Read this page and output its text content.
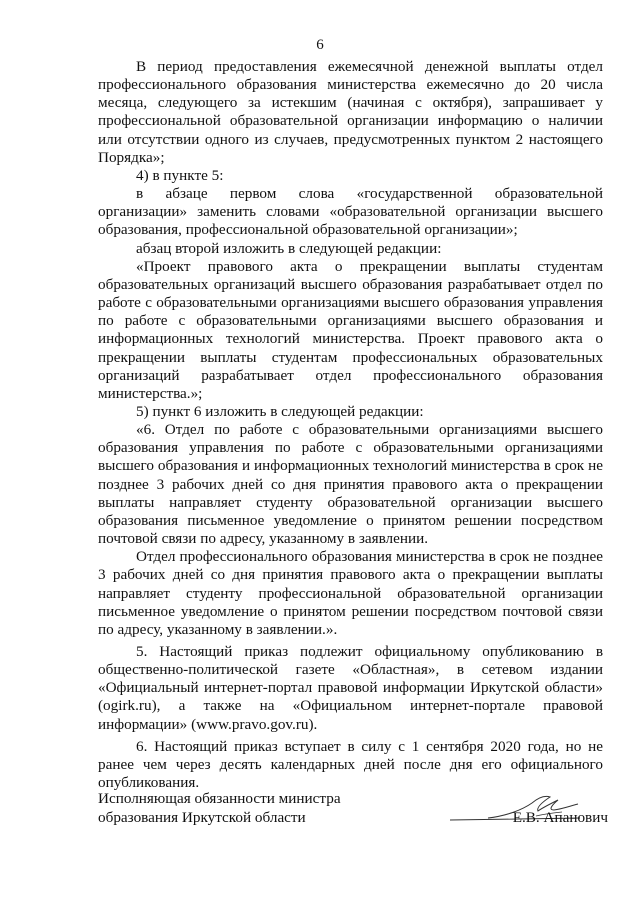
6

В период предоставления ежемесячной денежной выплаты отдел профессионального образования министерства ежемесячно до 20 числа месяца, следующего за истекшим (начиная с октября), запрашивает у профессиональной образовательной организации информацию о наличии или отсутствии одного из случаев, предусмотренных пунктом 2 настоящего Порядка»;

4) в пункте 5:

в абзаце первом слова «государственной образовательной организации» заменить словами «образовательной организации высшего образования, профессиональной образовательной организации»;

абзац второй изложить в следующей редакции:

«Проект правового акта о прекращении выплаты студентам образовательных организаций высшего образования разрабатывает отдел по работе с образовательными организациями высшего образования управления по работе с образовательными организациями высшего образования и информационных технологий министерства. Проект правового акта о прекращении выплаты студентам профессиональных образовательных организаций разрабатывает отдел профессионального образования министерства.»;

5) пункт 6 изложить в следующей редакции:

«6. Отдел по работе с образовательными организациями высшего образования управления по работе с образовательными организациями высшего образования и информационных технологий министерства в срок не позднее 3 рабочих дней со дня принятия правового акта о прекращении выплаты направляет студенту образовательной организации высшего образования письменное уведомление о принятом решении посредством почтовой связи по адресу, указанному в заявлении.

Отдел профессионального образования министерства в срок не позднее 3 рабочих дней со дня принятия правового акта о прекращении выплаты направляет студенту профессиональной образовательной организации письменное уведомление о принятом решении посредством почтовой связи по адресу, указанному в заявлении.».

5. Настоящий приказ подлежит официальному опубликованию в общественно-политической газете «Областная», в сетевом издании «Официальный интернет-портал правовой информации Иркутской области» (ogirk.ru), а также на «Официальном интернет-портале правовой информации» (www.pravo.gov.ru).

6. Настоящий приказ вступает в силу с 1 сентября 2020 года, но не ранее чем через десять календарных дней после дня его официального опубликования.

Исполняющая обязанности министра
образования Иркутской области	Е.В. Апанович
